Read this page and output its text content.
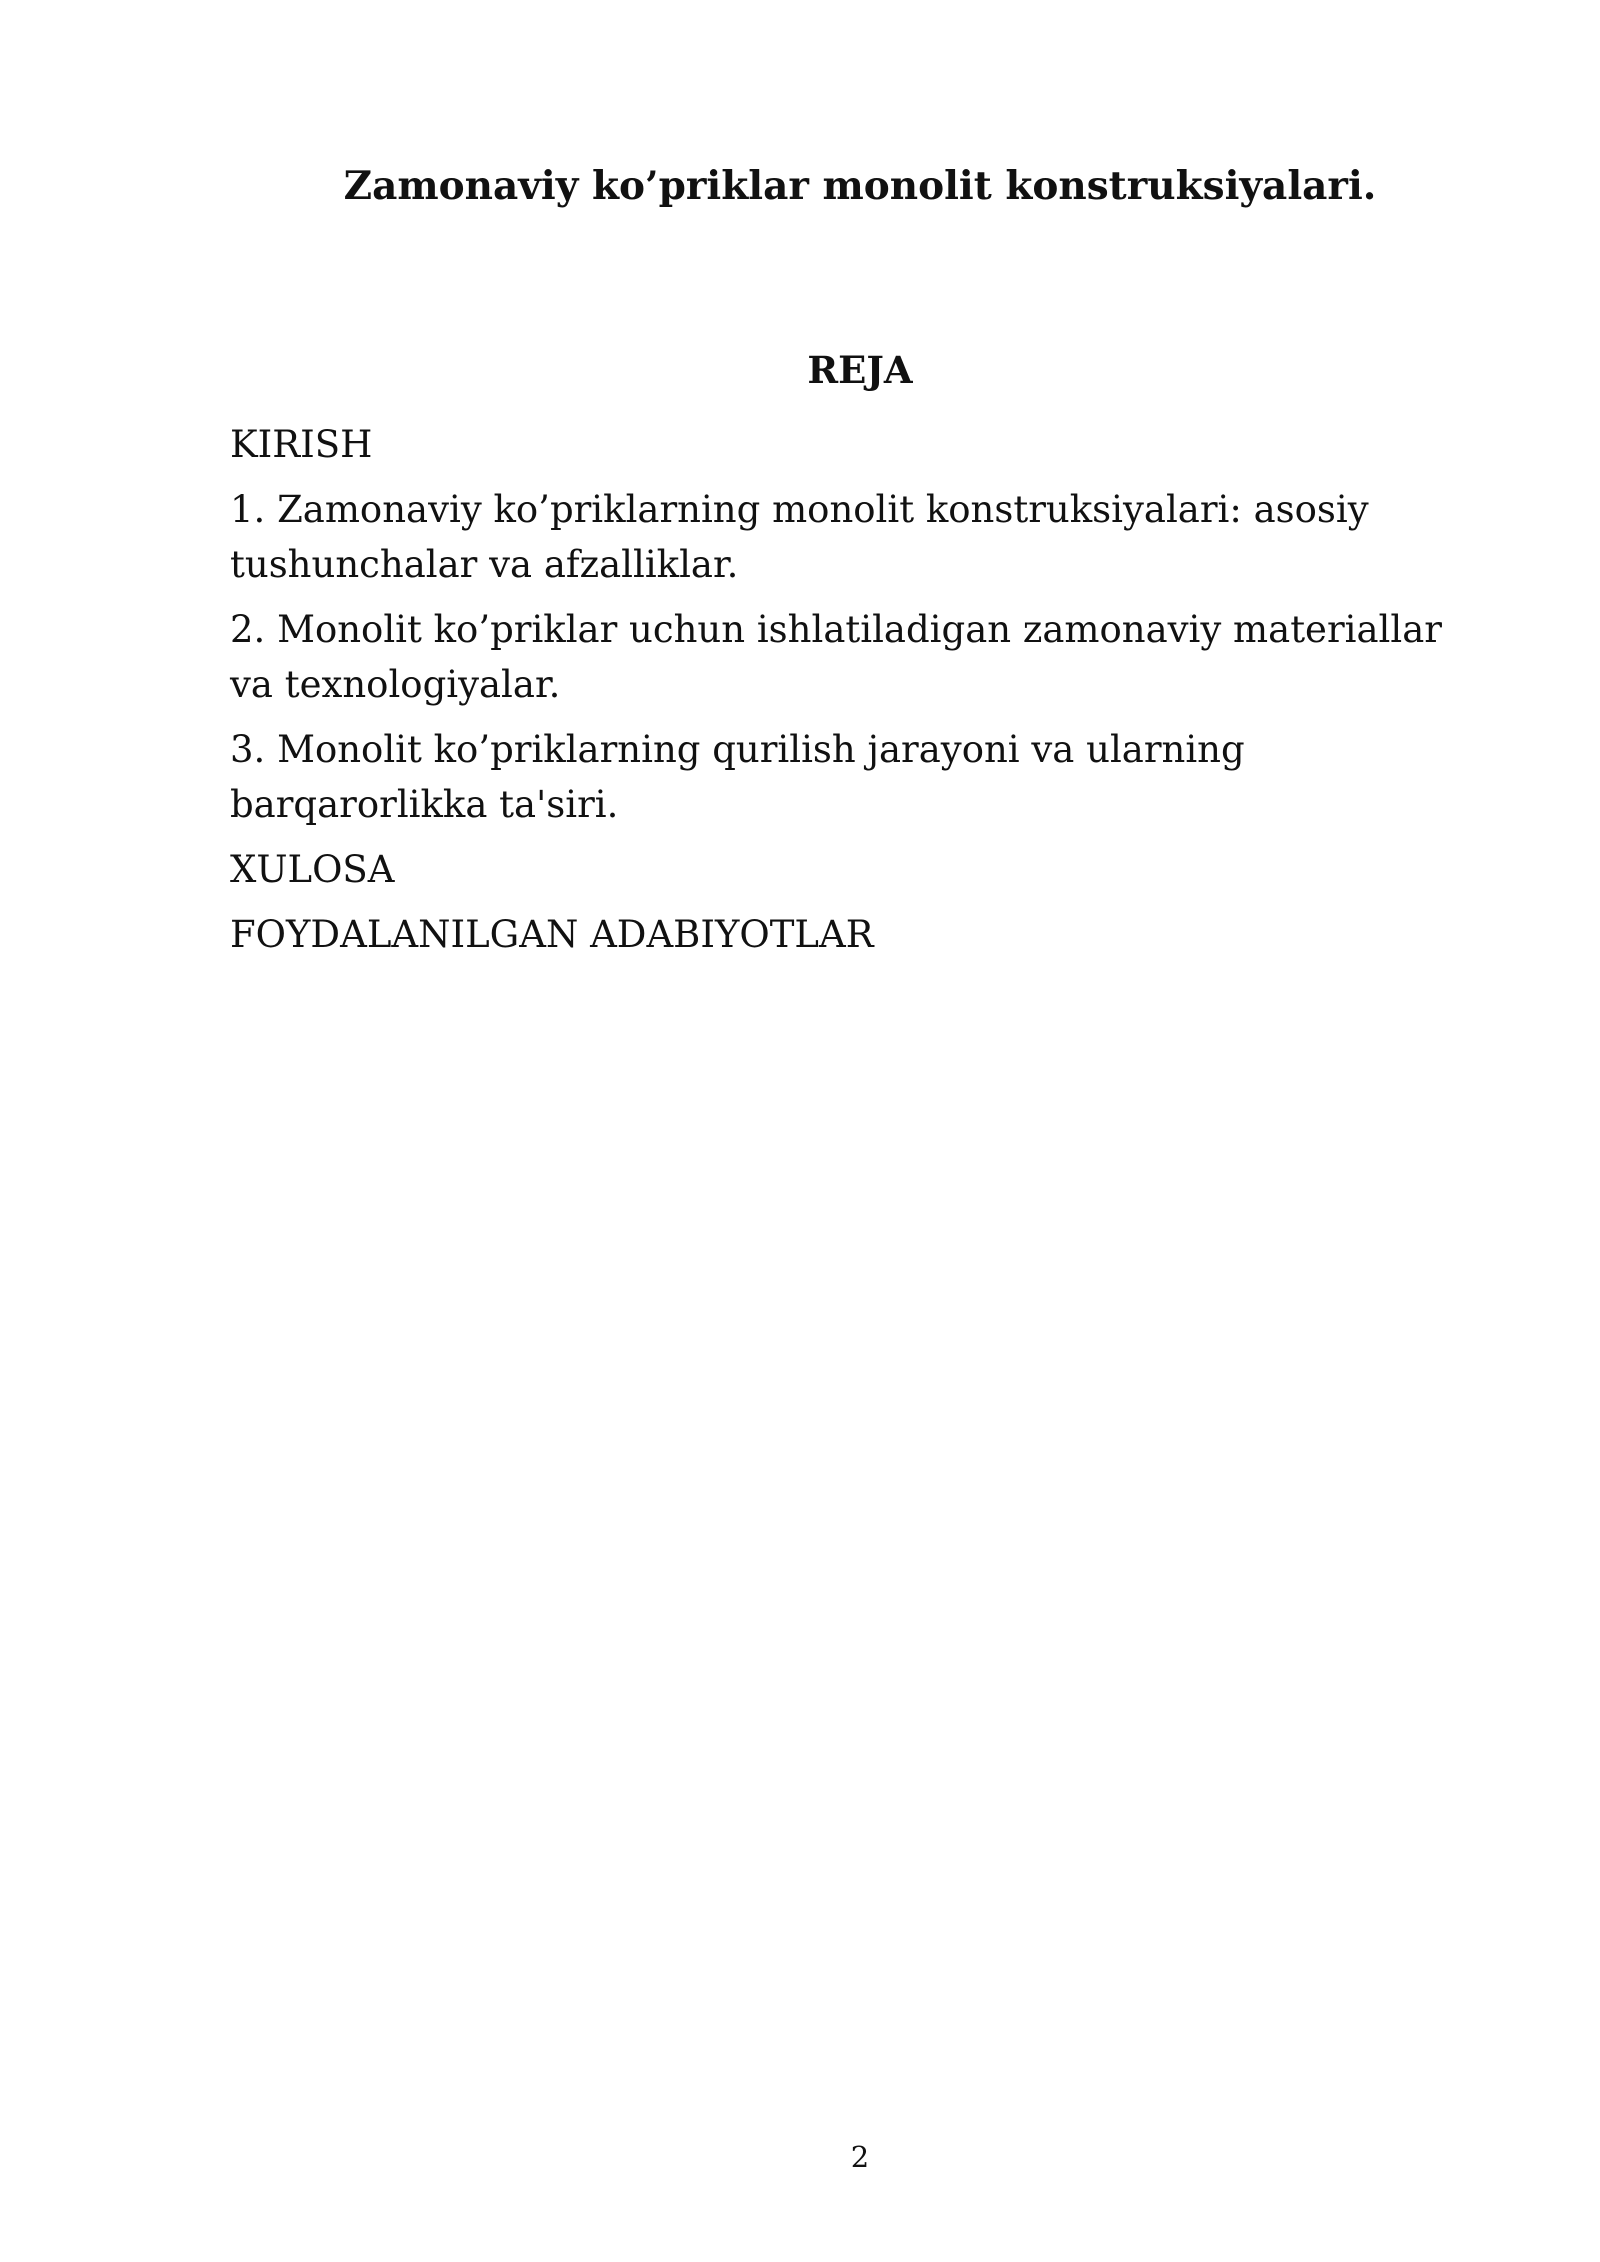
Zamonaviy ko’priklar monolit konstruksiyalari.
REJA

KIRISH

1. Zamonaviy ko’priklarning monolit konstruksiyalari: asosiy tushunchalar va afzalliklar.

2. Monolit ko’priklar uchun ishlatiladigan zamonaviy materiallar va texnologiyalar.

3. Monolit ko’priklarning qurilish jarayoni va ularning barqarorlikka ta'siri.

XULOSA

FOYDALANILGAN ADABIYOTLAR

2
